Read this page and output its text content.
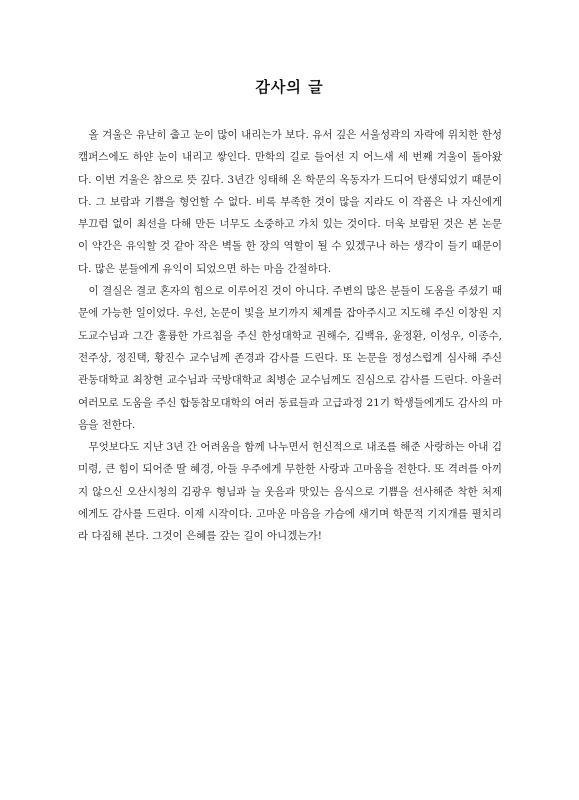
감사의 글

올 겨울은 유난히 춥고 눈이 많이 내리는가 보다. 유서 깊은 서울성곽의 자락에 위치한 한성 캠퍼스에도 하얀 눈이 내리고 쌓인다. 만학의 길로 들어선 지 어느새 세 번째 겨울이 돌아왔다. 이번 겨울은 참으로 뜻 깊다. 3년간 잉태해 온 학문의 옥동자가 드디어 탄생되었기 때문이다. 그 보람과 기쁨을 형언할 수 없다. 비록 부족한 것이 많을 지라도 이 작품은 나 자신에게 부끄럼 없이 최선을 다해 만든 너무도 소중하고 가치 있는 것이다. 더욱 보람된 것은 본 논문이 약간은 유익할 것 같아 작은 벽돌 한 장의 역할이 될 수 있겠구나 하는 생각이 들기 때문이다. 많은 분들에게 유익이 되었으면 하는 마음 간절하다.

이 결실은 결코 혼자의 힘으로 이루어진 것이 아니다. 주변의 많은 분들이 도움을 주셨기 때문에 가능한 일이었다. 우선, 논문이 빛을 보기까지 체계를 잡아주시고 지도해 주신 이창원 지도교수님과 그간 훌륭한 가르침을 주신 한성대학교 권해수, 김백유, 윤정환, 이성우, 이종수, 전주상, 정진택, 황진수 교수님께 존경과 감사를 드린다. 또 논문을 정성스럽게 심사해 주신 관동대학교 최창현 교수님과 국방대학교 최병순 교수님께도 진심으로 감사를 드린다. 아울러 여러모로 도움을 주신 합동참모대학의 여러 동료들과 고급과정 21기 학생들에게도 감사의 마음을 전한다.

무엇보다도 지난 3년 간 어려움을 함께 나누면서 헌신적으로 내조를 해준 사랑하는 아내 김미령, 큰 힘이 되어준 딸 혜경, 아들 우주에게 무한한 사랑과 고마움을 전한다. 또 격려를 아끼지 않으신 오산시청의 김광우 형님과 늘 웃음과 맛있는 음식으로 기쁨을 선사해준 착한 처제에게도 감사를 드린다. 이제 시작이다. 고마운 마음을 가슴에 새기며 학문적 기지개를 펼치리라 다짐해 본다. 그것이 은혜를 갚는 길이 아니겠는가!
